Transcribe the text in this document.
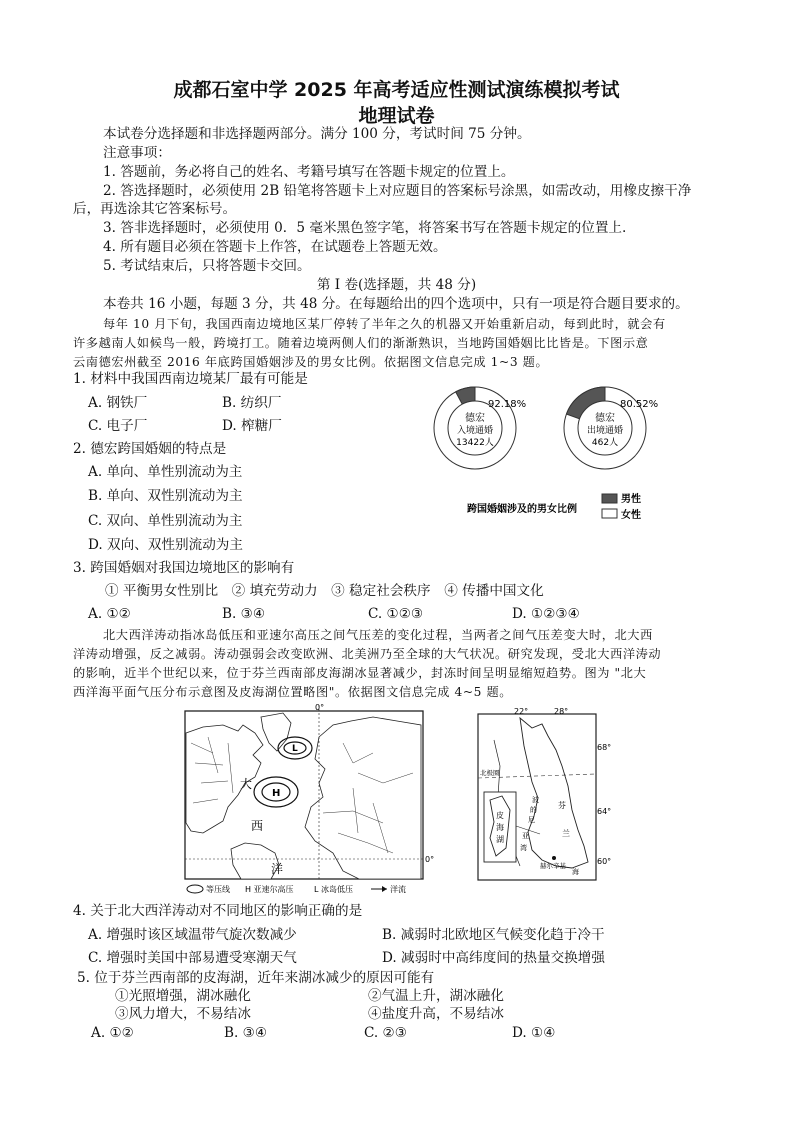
成都石室中学 2025 年高考适应性测试演练模拟考试
地理试卷
本试卷分选择题和非选择题两部分。满分 100 分，考试时间 75 分钟。
注意事项：
1. 答题前，务必将自己的姓名、考籍号填写在答题卡规定的位置上。
2. 答选择题时，必须使用 2B 铅笔将答题卡上对应题目的答案标号涂黑，如需改动，用橡皮擦干净
后，再选涂其它答案标号。
3. 答非选择题时，必须使用 0．5 毫米黑色签字笔，将答案书写在答题卡规定的位置上.
4. 所有题目必须在答题卡上作答，在试题卷上答题无效。
5. 考试结束后，只将答题卡交回。
第 I 卷(选择题，共 48 分)
本卷共 16 小题，每题 3 分，共 48 分。在每题给出的四个选项中，只有一项是符合题目要求的。
每年 10 月下旬，我国西南边境地区某厂停转了半年之久的机器又开始重新启动，每到此时，就会有
许多越南人如候鸟一般，跨境打工。随着边境两侧人们的渐渐熟识，当地跨国婚姻比比皆是。下图示意
云南德宏州截至 2016 年底跨国婚姻涉及的男女比例。依据图文信息完成 1~3 题。
1. 材料中我国西南边境某厂最有可能是
A. 钢铁厂	B. 纺织厂
C. 电子厂	D. 榨糖厂
2. 德宏跨国婚姻的特点是
A. 单向、单性别流动为主
B. 单向、双性别流动为主
C. 双向、单性别流动为主
D. 双向、双性别流动为主
德宏
入境通婚
13422人
92.18%
德宏
出境通婚
462人
80.52%
跨国婚姻涉及的男女比例
男性
女性
3. 跨国婚姻对我国边境地区的影响有
① 平衡男女性别比　② 填充劳动力　③ 稳定社会秩序　④ 传播中国文化
A. ①②	B. ③④	C. ①②③	D. ①②③④
北大西洋涛动指冰岛低压和亚速尔高压之间气压差的变化过程，当两者之间气压差变大时，北大西
洋涛动增强，反之减弱。涛动强弱会改变欧洲、北美洲乃至全球的大气状况。研究发现，受北大西洋涛动
的影响，近半个世纪以来，位于芬兰西南部皮海湖冰显著减少，封冻时间呈明显缩短趋势。图为 "北大
西洋海平面气压分布示意图及皮海湖位置略图"。依据图文信息完成 4~5 题。
0°
0°
L
H
大
西
洋
等压线 H 亚速尔高压	L 冰岛低压	洋流
22°	28°
68°
64°
60°
北极圈
皮
海
湖
波
的
尼
亚
湾
芬
兰
海
赫尔辛基
4. 关于北大西洋涛动对不同地区的影响正确的是
A. 增强时该区域温带气旋次数减少	B. 减弱时北欧地区气候变化趋于冷干
C. 增强时美国中部易遭受寒潮天气	D. 减弱时中高纬度间的热量交换增强
5. 位于芬兰西南部的皮海湖，近年来湖冰减少的原因可能有
①光照增强，湖冰融化	②气温上升，湖冰融化
③风力增大，不易结冰	④盐度升高，不易结冰
A. ①②	B. ③④	C. ②③	D. ①④
